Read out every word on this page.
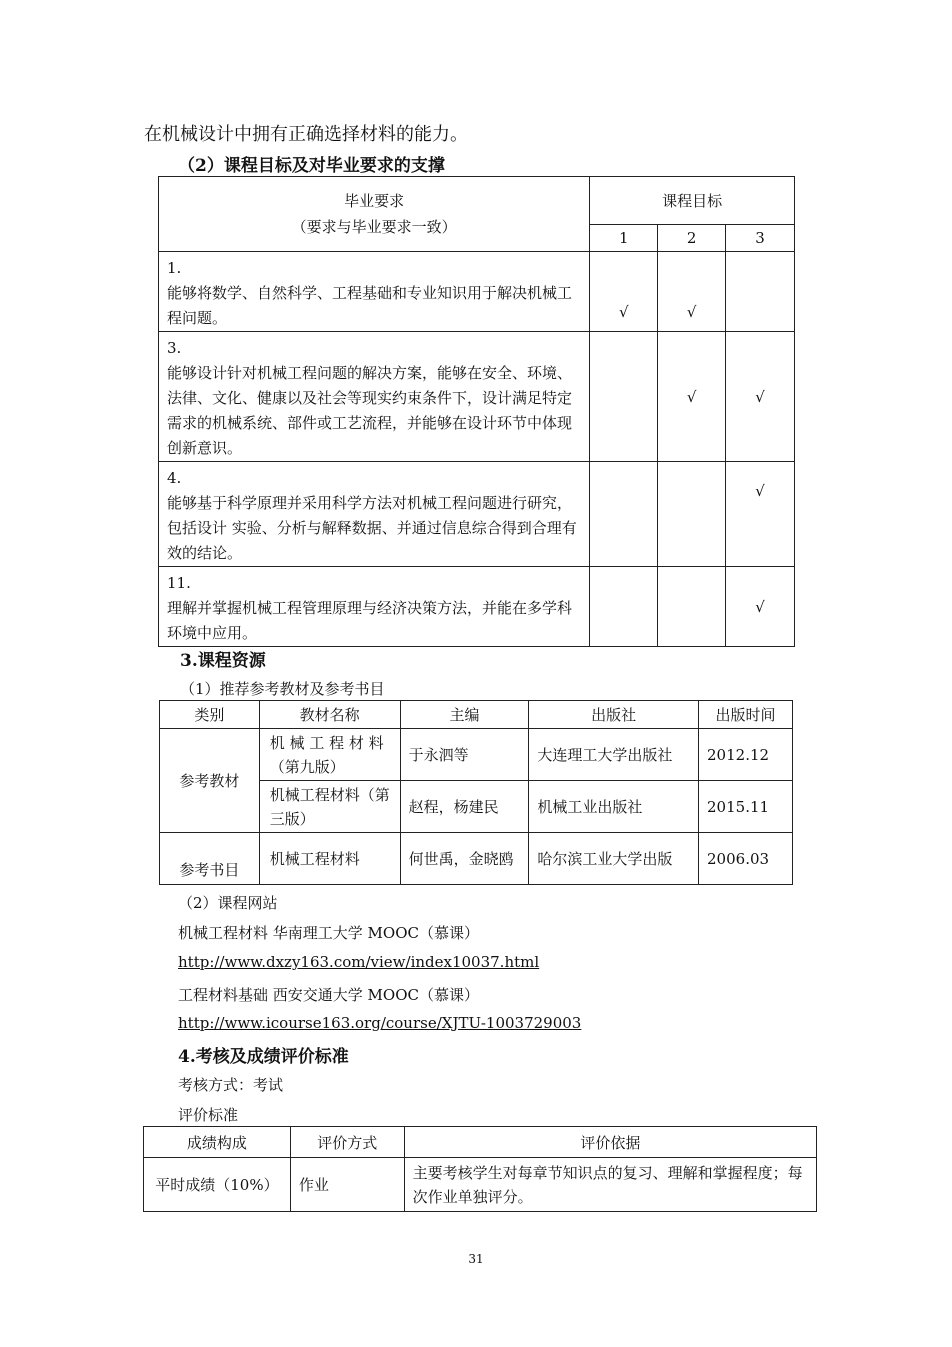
在机械设计中拥有正确选择材料的能力。
（2）课程目标及对毕业要求的支撑
毕业要求
（要求与毕业要求一致）	课程目标		
	1	2	3

1.
能够将数学、自然科学、工程基础和专业知识用于解决机械工程问题。	√	√	

3.
能够设计针对机械工程问题的解决方案，能够在安全、环境、法律、文化、健康以及社会等现实约束条件下，设计满足特定需求的机械系统、部件或工艺流程，并能够在设计环节中体现创新意识。		√	√

4.
能够基于科学原理并采用科学方法对机械工程问题进行研究，包括设计 实验、分析与解释数据、并通过信息综合得到合理有效的结论。			√

11.
理解并掌握机械工程管理原理与经济决策方法，并能在多学科环境中应用。			√
3.课程资源
（1）推荐参考教材及参考书目
类别	教材名称	主编	出版社	出版时间
参考教材	机 械 工 程 材 料（第九版）	于永泗等	大连理工大学出版社	2012.12
	机械工程材料（第三版）	赵程，杨建民	机械工业出版社	2015.11
参考书目	机械工程材料	何世禹，金晓鸥	哈尔滨工业大学出版	2006.03
（2）课程网站
机械工程材料 华南理工大学 MOOC（慕课）
http://www.dxzy163.com/view/index10037.html
工程材料基础 西安交通大学 MOOC（慕课）
http://www.icourse163.org/course/XJTU-1003729003
4.考核及成绩评价标准
考核方式：考试
评价标准
成绩构成	评价方式	评价依据
平时成绩（10%）	作业	主要考核学生对每章节知识点的复习、理解和掌握程度；每次作业单独评分。
31
